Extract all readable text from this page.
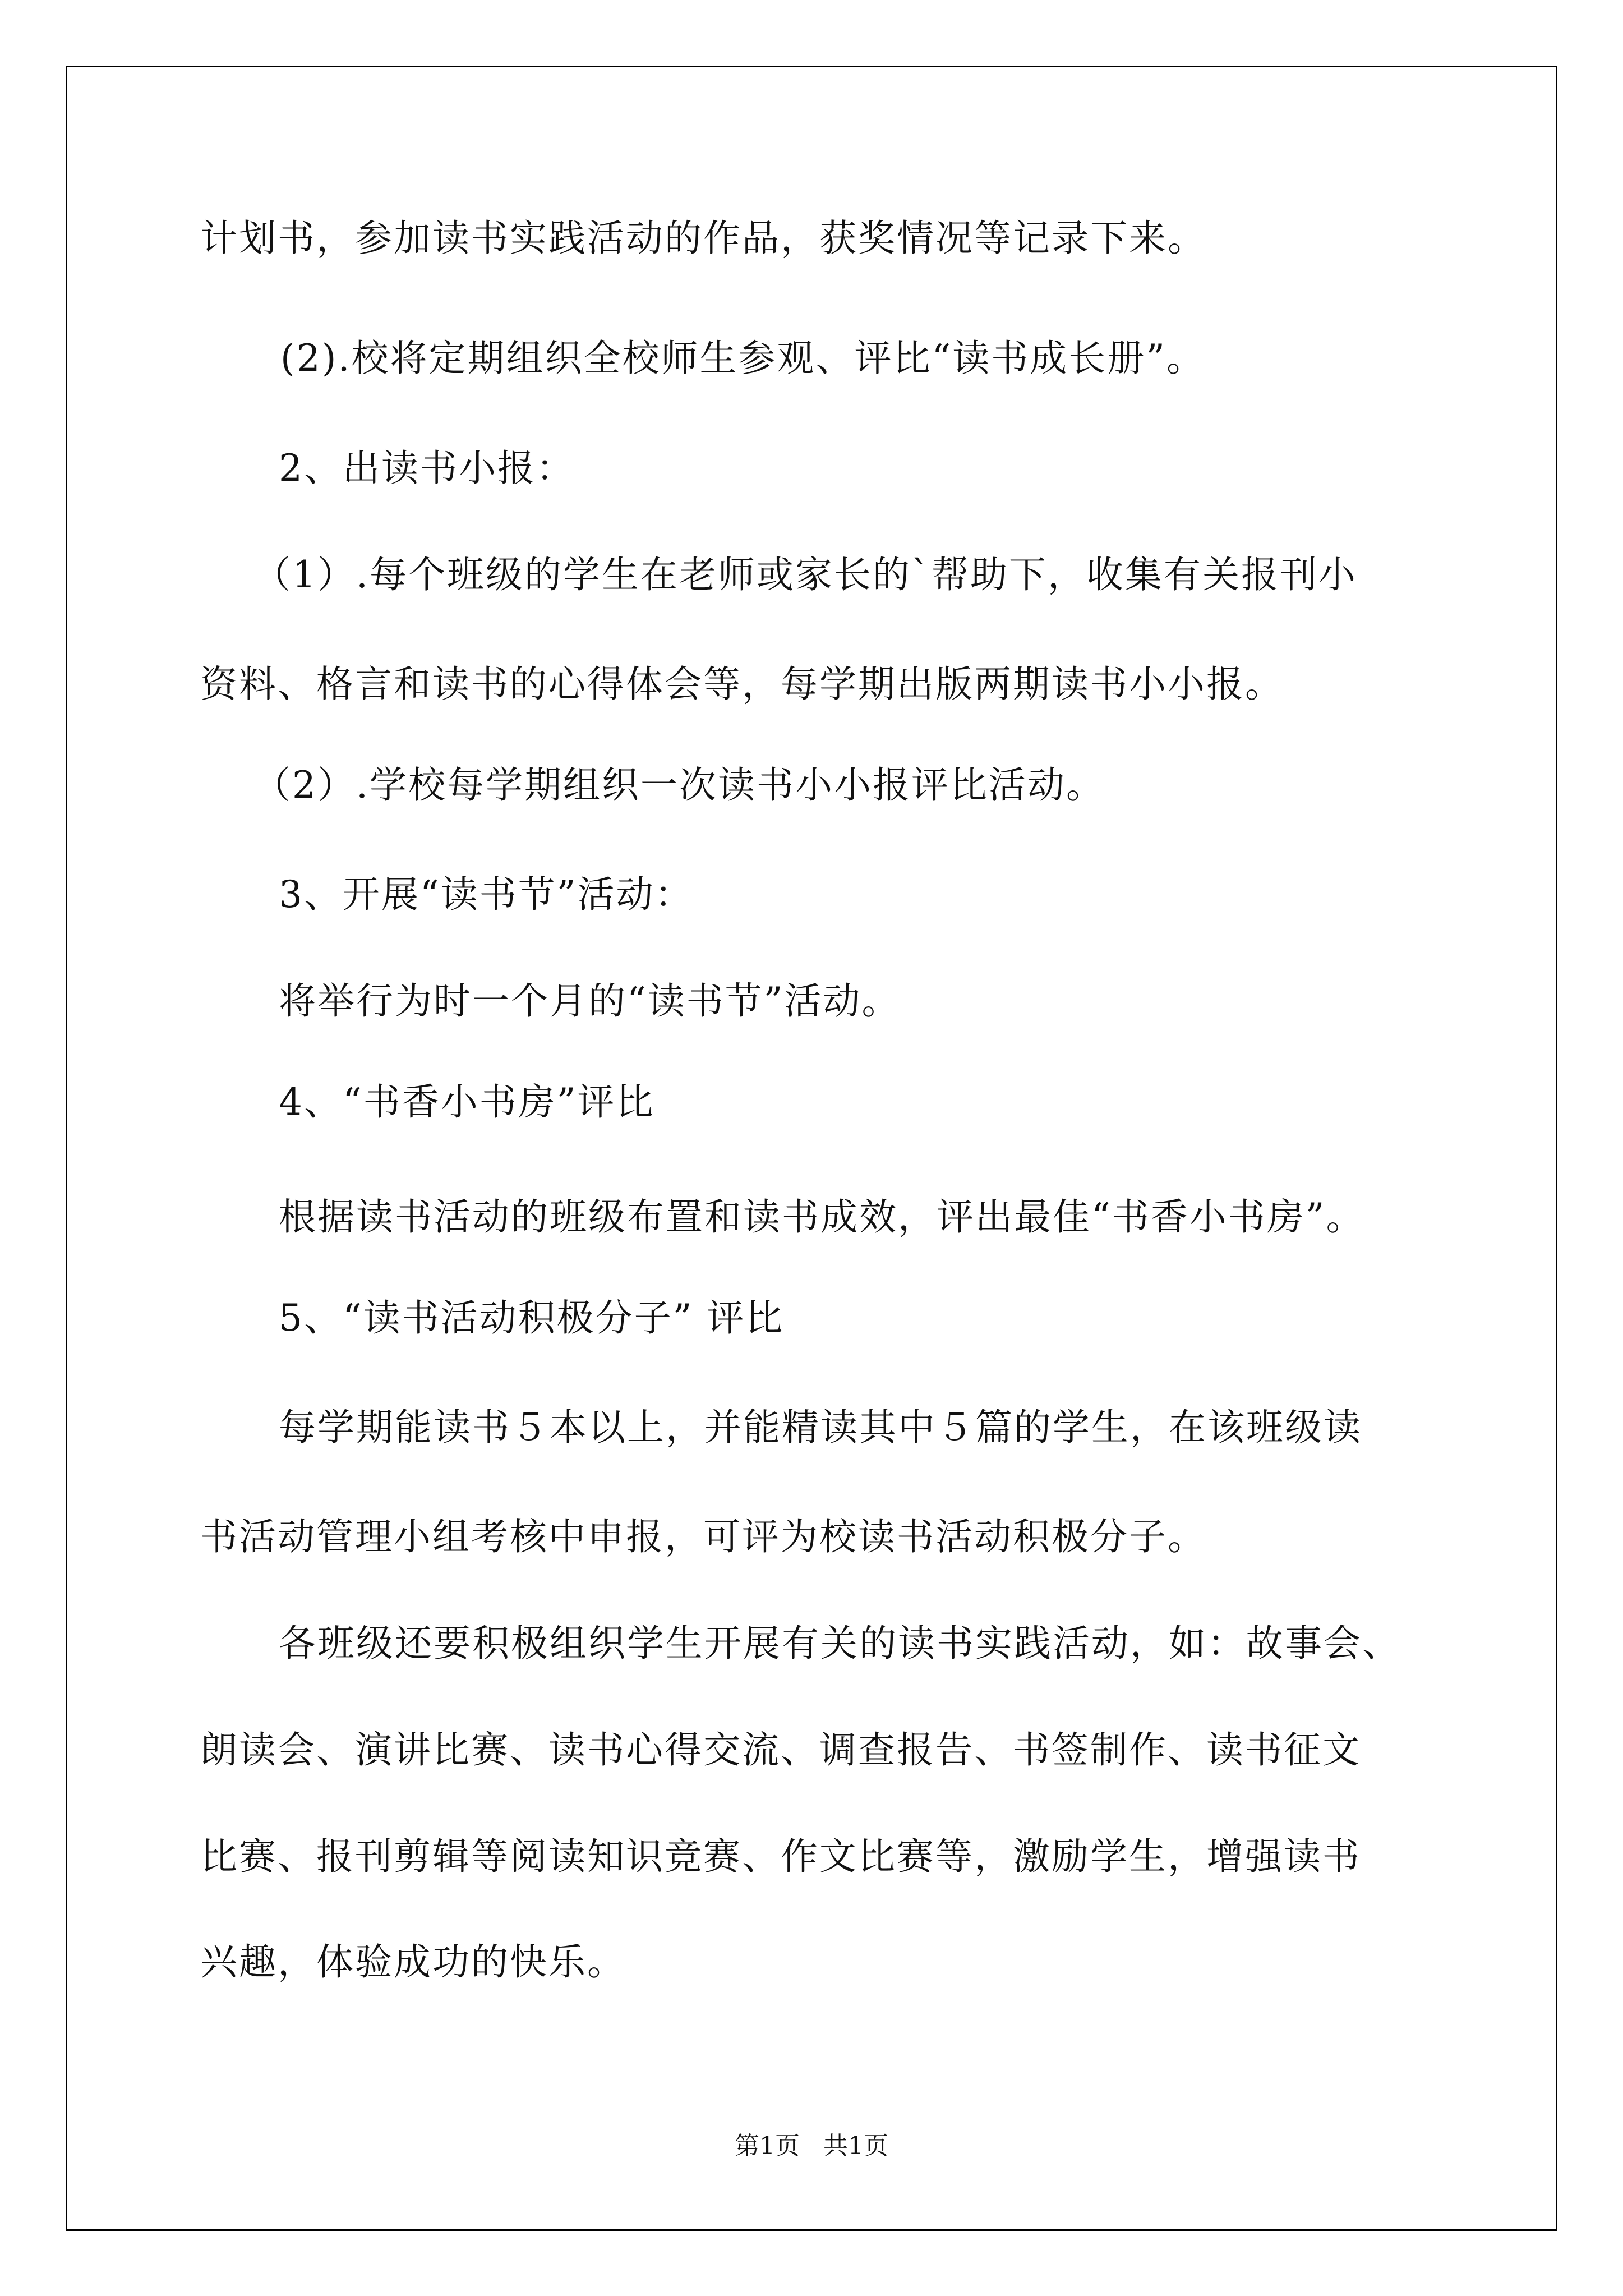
计划书，参加读书实践活动的作品，获奖情况等记录下来。
(2).校将定期组织全校师生参观、评比“读书成长册”。
2、出读书小报：
（1）.每个班级的学生在老师或家长的`帮助下，收集有关报刊小
资料、格言和读书的心得体会等，每学期出版两期读书小小报。
（2）.学校每学期组织一次读书小小报评比活动。
3、开展“读书节”活动：
将举行为时一个月的“读书节”活动。
4、“书香小书房”评比
根据读书活动的班级布置和读书成效，评出最佳“书香小书房”。
5、“读书活动积极分子” 评比
每学期能读书５本以上，并能精读其中５篇的学生，在该班级读
书活动管理小组考核中申报，可评为校读书活动积极分子。
各班级还要积极组织学生开展有关的读书实践活动，如：故事会、
朗读会、演讲比赛、读书心得交流、调查报告、书签制作、读书征文
比赛、报刊剪辑等阅读知识竞赛、作文比赛等，激励学生，增强读书
兴趣，体验成功的快乐。
第1页   共1页
